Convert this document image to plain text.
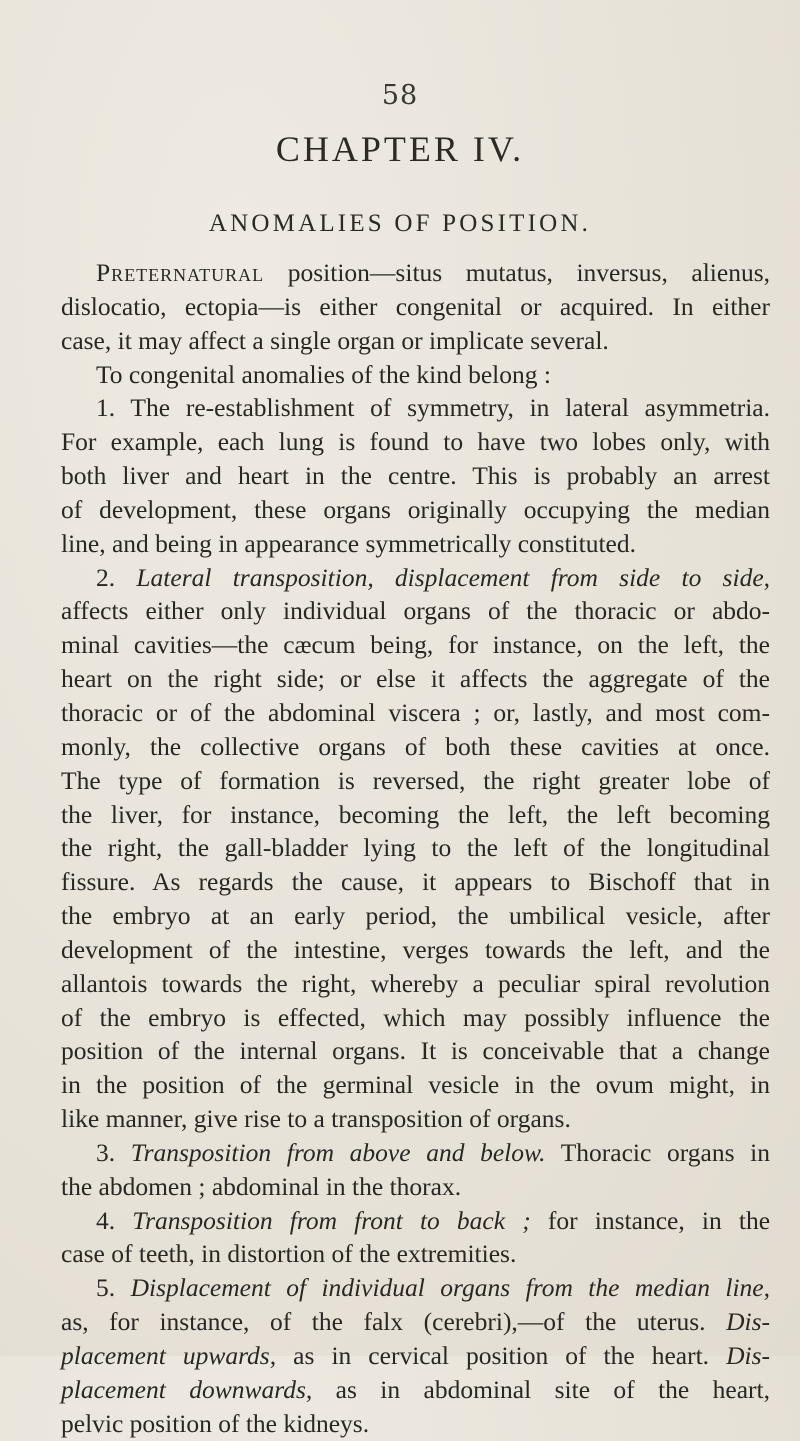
58
CHAPTER IV.
ANOMALIES OF POSITION.
Preternatural position—situs mutatus, inversus, alienus,
dislocatio, ectopia—is either congenital or acquired. In either
case, it may affect a single organ or implicate several.
To congenital anomalies of the kind belong :
1. The re-establishment of symmetry, in lateral asymmetria.
For example, each lung is found to have two lobes only, with
both liver and heart in the centre. This is probably an arrest
of development, these organs originally occupying the median
line, and being in appearance symmetrically constituted.
2. Lateral transposition, displacement from side to side,
affects either only individual organs of the thoracic or abdo-
minal cavities—the cæcum being, for instance, on the left, the
heart on the right side; or else it affects the aggregate of the
thoracic or of the abdominal viscera ; or, lastly, and most com-
monly, the collective organs of both these cavities at once.
The type of formation is reversed, the right greater lobe of
the liver, for instance, becoming the left, the left becoming
the right, the gall-bladder lying to the left of the longitudinal
fissure. As regards the cause, it appears to Bischoff that in
the embryo at an early period, the umbilical vesicle, after
development of the intestine, verges towards the left, and the
allantois towards the right, whereby a peculiar spiral revolution
of the embryo is effected, which may possibly influence the
position of the internal organs. It is conceivable that a change
in the position of the germinal vesicle in the ovum might, in
like manner, give rise to a transposition of organs.
3. Transposition from above and below. Thoracic organs in
the abdomen ; abdominal in the thorax.
4. Transposition from front to back ; for instance, in the
case of teeth, in distortion of the extremities.
5. Displacement of individual organs from the median line,
as, for instance, of the falx (cerebri),—of the uterus. Dis-
placement upwards, as in cervical position of the heart. Dis-
placement downwards, as in abdominal site of the heart,
pelvic position of the kidneys.
